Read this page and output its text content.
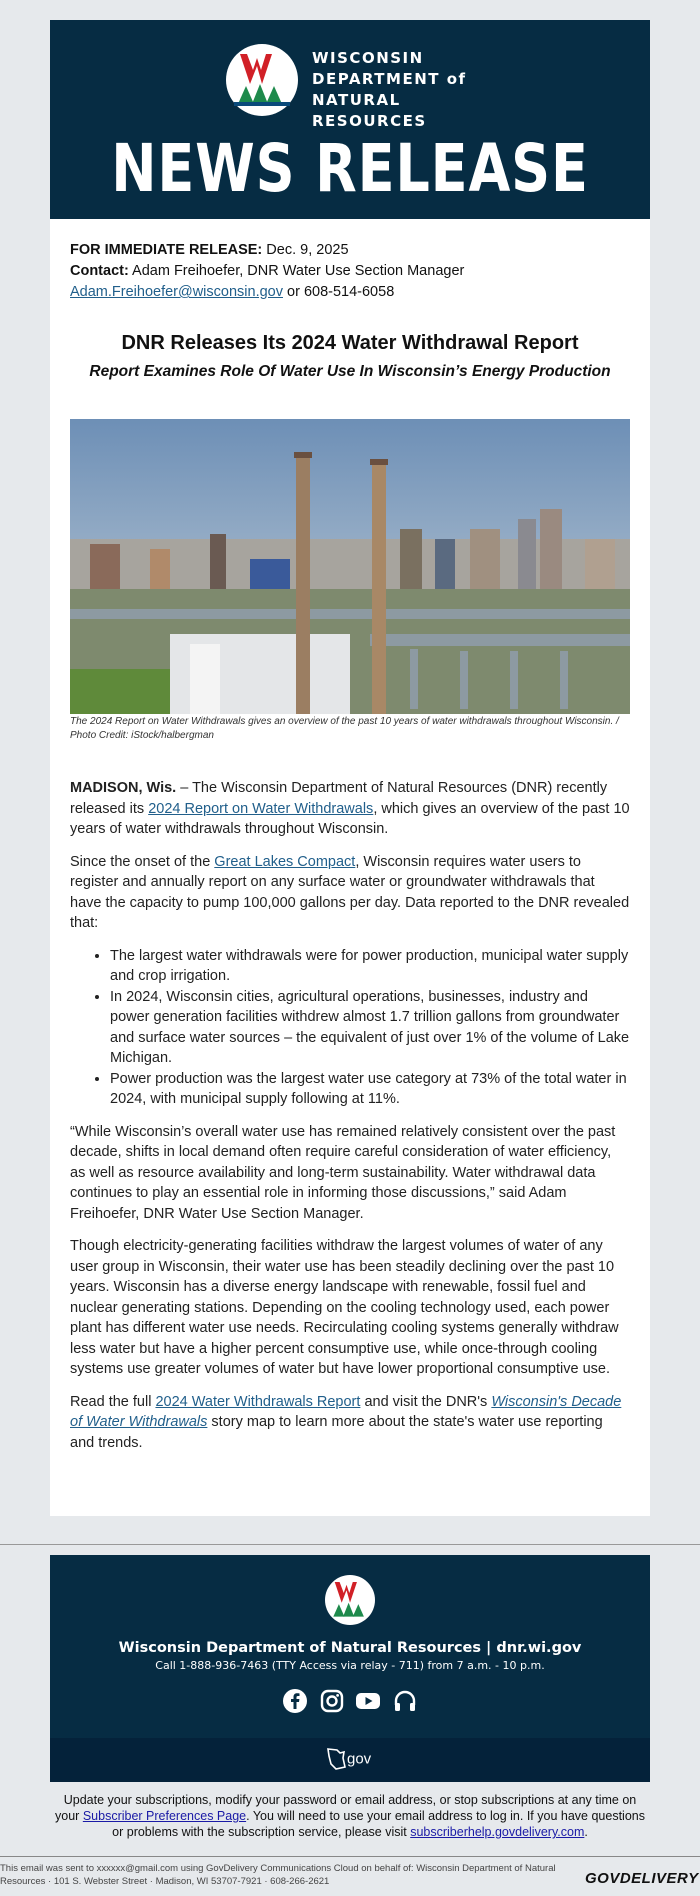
WISCONSIN
DEPARTMENT of
NATURAL RESOURCES
NEWS RELEASE
FOR IMMEDIATE RELEASE: Dec. 9, 2025
Contact: Adam Freihoefer, DNR Water Use Section Manager
Adam.Freihoefer@wisconsin.gov or 608-514-6058
DNR Releases Its 2024 Water Withdrawal Report
Report Examines Role Of Water Use In Wisconsin’s Energy Production
The 2024 Report on Water Withdrawals gives an overview of the past 10 years of water withdrawals throughout Wisconsin. / Photo Credit: iStock/halbergman

MADISON, Wis. – The Wisconsin Department of Natural Resources (DNR) recently released its 2024 Report on Water Withdrawals, which gives an overview of the past 10 years of water withdrawals throughout Wisconsin.

Since the onset of the Great Lakes Compact, Wisconsin requires water users to register and annually report on any surface water or groundwater withdrawals that have the capacity to pump 100,000 gallons per day. Data reported to the DNR revealed that:

• The largest water withdrawals were for power production, municipal water supply and crop irrigation.
• In 2024, Wisconsin cities, agricultural operations, businesses, industry and power generation facilities withdrew almost 1.7 trillion gallons from groundwater and surface water sources – the equivalent of just over 1% of the volume of Lake Michigan.
• Power production was the largest water use category at 73% of the total water in 2024, with municipal supply following at 11%.

“While Wisconsin’s overall water use has remained relatively consistent over the past decade, shifts in local demand often require careful consideration of water efficiency, as well as resource availability and long-term sustainability. Water withdrawal data continues to play an essential role in informing those discussions,” said Adam Freihoefer, DNR Water Use Section Manager.

Though electricity-generating facilities withdraw the largest volumes of water of any user group in Wisconsin, their water use has been steadily declining over the past 10 years. Wisconsin has a diverse energy landscape with renewable, fossil fuel and nuclear generating stations. Depending on the cooling technology used, each power plant has different water use needs. Recirculating cooling systems generally withdraw less water but have a higher percent consumptive use, while once-through cooling systems use greater volumes of water but have lower proportional consumptive use.

Read the full 2024 Water Withdrawals Report and visit the DNR's Wisconsin's Decade of Water Withdrawals story map to learn more about the state's water use reporting and trends.

Wisconsin Department of Natural Resources | dnr.wi.gov
Call 1-888-936-7463 (TTY Access via relay - 711) from 7 a.m. - 10 p.m.

gov
Update your subscriptions, modify your password or email address, or stop subscriptions at any time on your Subscriber Preferences Page. You will need to use your email address to log in. If you have questions or problems with the subscription service, please visit subscriberhelp.govdelivery.com.
This email was sent to xxxxxx@gmail.com using GovDelivery Communications Cloud on behalf of: Wisconsin Department of Natural Resources · 101 S. Webster Street · Madison, WI 53707-7921 · 608-266-2621	GOVDELIVERY
